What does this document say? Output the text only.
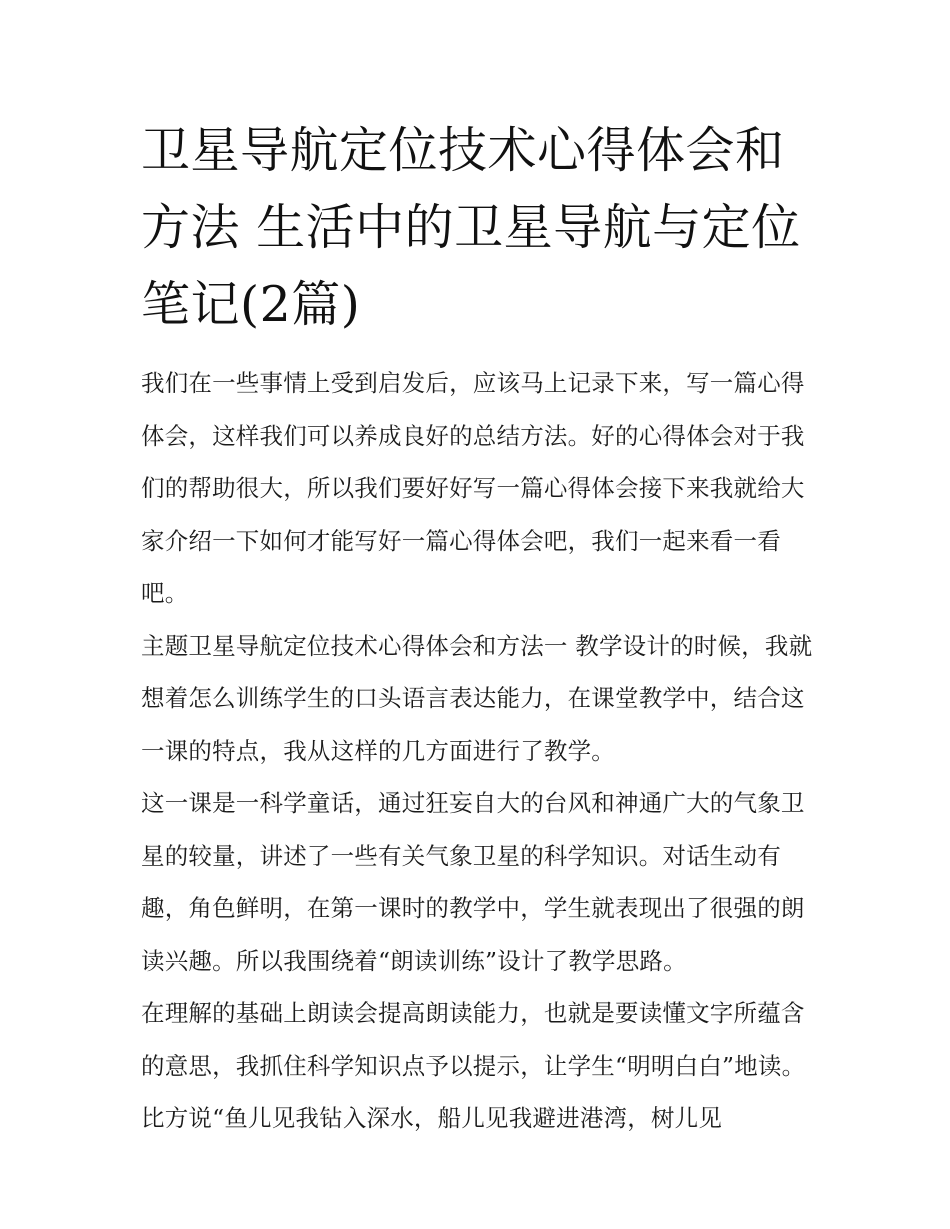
卫星导航定位技术心得体会和方法 生活中的卫星导航与定位笔记(2篇)

我们在一些事情上受到启发后，应该马上记录下来，写一篇心得体会，这样我们可以养成良好的总结方法。好的心得体会对于我们的帮助很大，所以我们要好好写一篇心得体会接下来我就给大家介绍一下如何才能写好一篇心得体会吧，我们一起来看一看吧。

主题卫星导航定位技术心得体会和方法一 教学设计的时候，我就想着怎么训练学生的口头语言表达能力，在课堂教学中，结合这一课的特点，我从这样的几方面进行了教学。

这一课是一科学童话，通过狂妄自大的台风和神通广大的气象卫星的较量，讲述了一些有关气象卫星的科学知识。对话生动有趣，角色鲜明，在第一课时的教学中，学生就表现出了很强的朗读兴趣。所以我围绕着“朗读训练”设计了教学思路。

在理解的基础上朗读会提高朗读能力，也就是要读懂文字所蕴含的意思，我抓住科学知识点予以提示，让学生“明明白白”地读。比方说“鱼儿见我钻入深水，船儿见我避进港湾，树儿见
